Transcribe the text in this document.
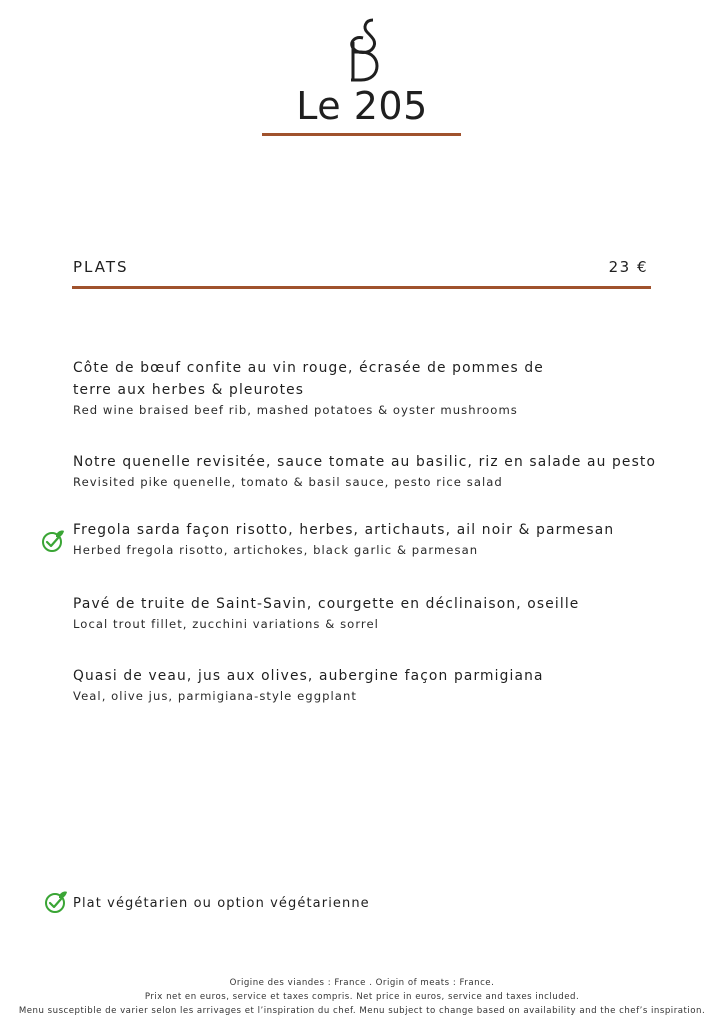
Le 205
PLATS	23 €
Côte de bœuf confite au vin rouge, écrasée de pommes de
terre aux herbes & pleurotes
Red wine braised beef rib, mashed potatoes & oyster mushrooms
Notre quenelle revisitée, sauce tomate au basilic, riz en salade au pesto
Revisited pike quenelle, tomato & basil sauce, pesto rice salad
Fregola sarda façon risotto, herbes, artichauts, ail noir & parmesan
Herbed fregola risotto, artichokes, black garlic & parmesan
Pavé de truite de Saint-Savin, courgette en déclinaison, oseille
Local trout fillet, zucchini variations & sorrel
Quasi de veau, jus aux olives, aubergine façon parmigiana
Veal, olive jus, parmigiana-style eggplant
Plat végétarien ou option végétarienne
Origine des viandes : France . Origin of meats : France.
Prix net en euros, service et taxes compris. Net price in euros, service and taxes included.
Menu susceptible de varier selon les arrivages et l’inspiration du chef. Menu subject to change based on availability and the chef’s inspiration.
